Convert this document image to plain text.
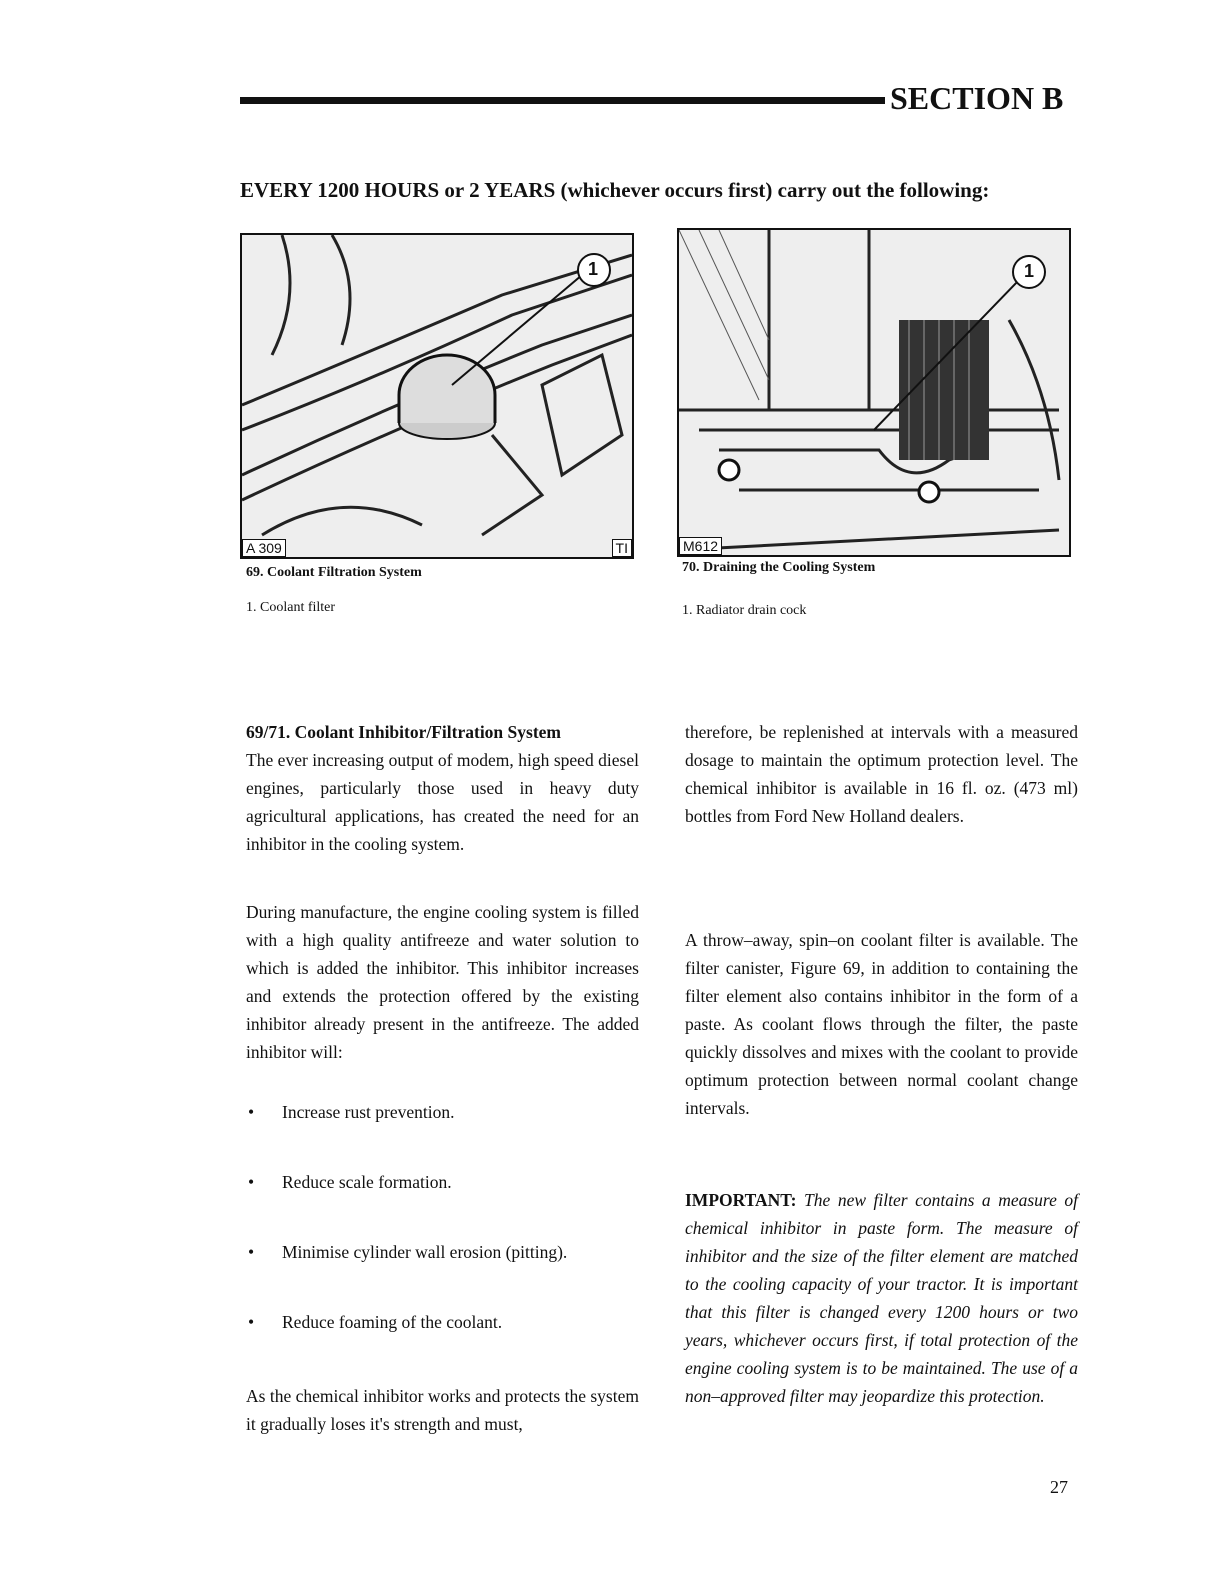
SECTION B
EVERY 1200 HOURS or 2 YEARS (whichever occurs first) carry out the following:
1
A 309	TI
69. Coolant Filtration System
1. Coolant filter
1
M612
70. Draining the Cooling System
1. Radiator drain cock

69/71. Coolant Inhibitor/Filtration System

The ever increasing output of modem, high speed diesel engines, particularly those used in heavy duty agricultural applications, has created the need for an inhibitor in the cooling system.

During manufacture, the engine cooling system is filled with a high quality antifreeze and water solution to which is added the inhibitor. This inhibitor increases and extends the protection offered by the existing inhibitor already present in the antifreeze. The added inhibitor will:
• Increase rust prevention.
• Reduce scale formation.
• Minimise cylinder wall erosion (pitting).
• Reduce foaming of the coolant.
As the chemical inhibitor works and protects the system it gradually loses it's strength and must,
therefore, be replenished at intervals with a measured dosage to maintain the optimum protection level. The chemical inhibitor is available in 16 fl. oz. (473 ml) bottles from Ford New Holland dealers.
A throw–away, spin–on coolant filter is available. The filter canister, Figure 69, in addition to containing the filter element also contains inhibitor in the form of a paste. As coolant flows through the filter, the paste quickly dissolves and mixes with the coolant to provide optimum protection between normal coolant change intervals.
IMPORTANT: The new filter contains a measure of chemical inhibitor in paste form. The measure of inhibitor and the size of the filter element are matched to the cooling capacity of your tractor. It is important that this filter is changed every 1200 hours or two years, whichever occurs first, if total protection of the engine cooling system is to be maintained. The use of a non–approved filter may jeopardize this protection.
27
